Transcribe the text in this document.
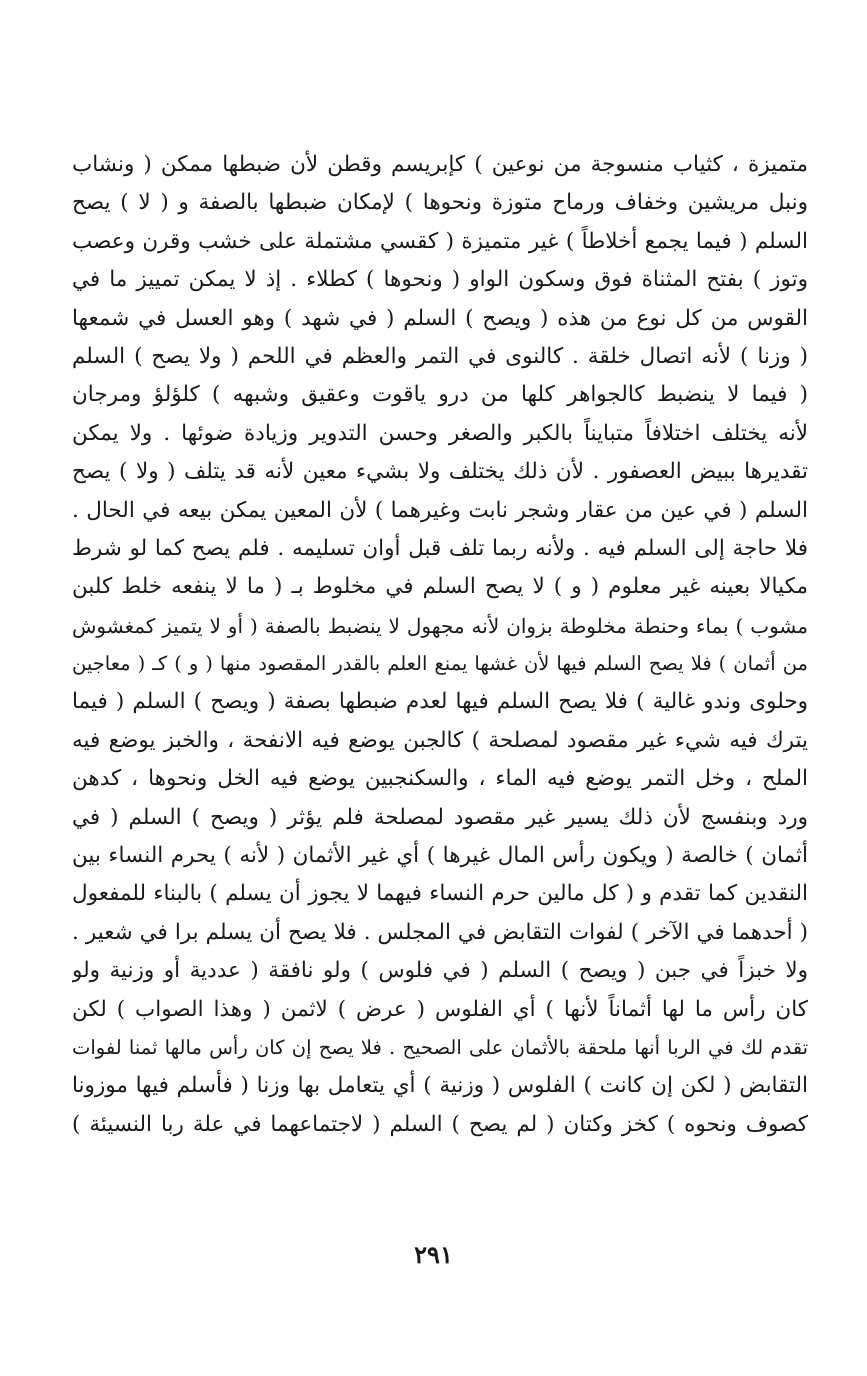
متميزة ، كثياب منسوجة من نوعين ) كإبريسم وقطن لأن ضبطها ممكن ( ونشاب
ونبل مريشين وخفاف ورماح متوزة ونحوها ) لإمكان ضبطها بالصفة و ( لا ) يصح
السلم ( فيما يجمع أخلاطاً ) غير متميزة ( كقسي مشتملة على خشب وقرن وعصب
وتوز ) بفتح المثناة فوق وسكون الواو ( ونحوها ) كطلاء . إذ لا يمكن تمييز ما في
القوس من كل نوع من هذه ( ويصح ) السلم ( في شهد ) وهو العسل في شمعها
( وزنا ) لأنه اتصال خلقة . كالنوى في التمر والعظم في اللحم ( ولا يصح ) السلم
( فيما لا ينضبط كالجواهر كلها من درو ياقوت وعقيق وشبهه ) كلؤلؤ ومرجان
لأنه يختلف اختلافاً متبايناً بالكبر والصغر وحسن التدوير وزيادة ضوئها . ولا يمكن
تقديرها ببيض العصفور . لأن ذلك يختلف ولا بشيء معين لأنه قد يتلف ( ولا ) يصح
السلم ( في عين من عقار وشجر نابت وغيرهما ) لأن المعين يمكن بيعه في الحال .
فلا حاجة إلى السلم فيه . ولأنه ربما تلف قبل أوان تسليمه . فلم يصح كما لو شرط
مكيالا بعينه غير معلوم ( و ) لا يصح السلم في مخلوط بـ ( ما لا ينفعه خلط كلبن
مشوب ) بماء وحنطة مخلوطة بزوان لأنه مجهول لا ينضبط بالصفة ( أو لا يتميز كمغشوش
من أثمان ) فلا يصح السلم فيها لأن غشها يمنع العلم بالقدر المقصود منها ( و ) كـ ( معاجين
وحلوى وندو غالية ) فلا يصح السلم فيها لعدم ضبطها بصفة ( ويصح ) السلم ( فيما
يترك فيه شيء غير مقصود لمصلحة ) كالجبن يوضع فيه الانفحة ، والخبز يوضع فيه
الملح ، وخل التمر يوضع فيه الماء ، والسكنجبين يوضع فيه الخل ونحوها ، كدهن
ورد وبنفسج لأن ذلك يسير غير مقصود لمصلحة فلم يؤثر ( ويصح ) السلم ( في
أثمان ) خالصة ( ويكون رأس المال غيرها ) أي غير الأثمان ( لأنه ) يحرم النساء بين
النقدين كما تقدم و ( كل مالين حرم النساء فيهما لا يجوز أن يسلم ) بالبناء للمفعول
( أحدهما في الآخر ) لفوات التقابض في المجلس . فلا يصح أن يسلم برا في شعير .
ولا خبزاً في جبن ( ويصح ) السلم ( في فلوس ) ولو نافقة ( عددية أو وزنية ولو
كان رأس ما لها أثماناً لأنها ) أي الفلوس ( عرض ) لاثمن ( وهذا الصواب ) لكن
تقدم لك في الربا أنها ملحقة بالأثمان على الصحيح . فلا يصح إن كان رأس مالها ثمنا لفوات
التقابض ( لكن إن كانت ) الفلوس ( وزنية ) أي يتعامل بها وزنا ( فأسلم فيها موزونا
كصوف ونحوه ) كخز وكتان ( لم يصح ) السلم ( لاجتماعهما في علة ربا النسيئة )
٢٩١
